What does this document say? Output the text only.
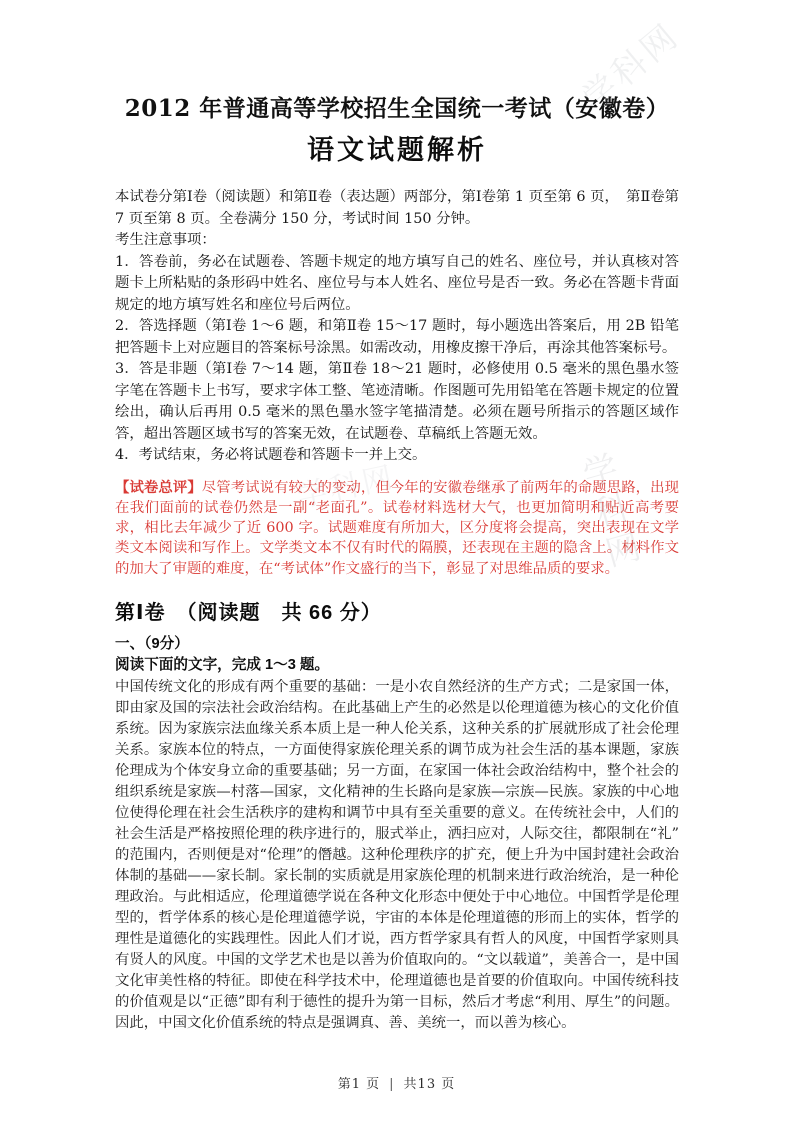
学科网
学科网
学科网
2012 年普通高等学校招生全国统一考试（安徽卷）
语文试题解析

本试卷分第Ⅰ卷（阅读题）和第Ⅱ卷（表达题）两部分，第Ⅰ卷第 1 页至第 6 页，　第Ⅱ卷第 7 页至第 8 页。全卷满分 150 分，考试时间 150 分钟。

考生注意事项：

1．答卷前，务必在试题卷、答题卡规定的地方填写自己的姓名、座位号，并认真核对答题卡上所粘贴的条形码中姓名、座位号与本人姓名、座位号是否一致。务必在答题卡背面规定的地方填写姓名和座位号后两位。

2．答选择题（第Ⅰ卷 1～6 题，和第Ⅱ卷 15～17 题时，每小题选出答案后，用 2B 铅笔把答题卡上对应题目的答案标号涂黑。如需改动，用橡皮擦干净后，再涂其他答案标号。

3．答是非题（第Ⅰ卷 7～14 题，第Ⅱ卷 18～21 题时，必修使用 0.5 毫米的黑色墨水签字笔在答题卡上书写，要求字体工整、笔迹清晰。作图题可先用铅笔在答题卡规定的位置绘出，确认后再用 0.5 毫米的黑色墨水签字笔描清楚。必须在题号所指示的答题区域作答，超出答题区域书写的答案无效，在试题卷、草稿纸上答题无效。

4．考试结束，务必将试题卷和答题卡一并上交。

【试卷总评】尽管考试说有较大的变动，但今年的安徽卷继承了前两年的命题思路，出现在我们面前的试卷仍然是一副“老面孔”。试卷材料选材大气，也更加简明和贴近高考要求，相比去年减少了近 600 字。试题难度有所加大，区分度将会提高，突出表现在文学类文本阅读和写作上。文学类文本不仅有时代的隔膜，还表现在主题的隐含上。材料作文的加大了审题的难度，在“考试体”作文盛行的当下，彰显了对思维品质的要求。

第Ⅰ卷　（阅读题　共 66 分）

一、（9分）

阅读下面的文字，完成 1～3 题。

中国传统文化的形成有两个重要的基础：一是小农自然经济的生产方式；二是家国一体，即由家及国的宗法社会政治结构。在此基础上产生的必然是以伦理道德为核心的文化价值系统。因为家族宗法血缘关系本质上是一种人伦关系，这种关系的扩展就形成了社会伦理关系。家族本位的特点，一方面使得家族伦理关系的调节成为社会生活的基本课题，家族伦理成为个体安身立命的重要基础；另一方面，在家国一体社会政治结构中，整个社会的组织系统是家族—村落—国家，文化精神的生长路向是家族—宗族—民族。家族的中心地位使得伦理在社会生活秩序的建构和调节中具有至关重要的意义。在传统社会中，人们的社会生活是严格按照伦理的秩序进行的，服式举止，洒扫应对，人际交往，都限制在“礼”的范围内，否则便是对“伦理”的僭越。这种伦理秩序的扩充，便上升为中国封建社会政治体制的基础——家长制。家长制的实质就是用家族伦理的机制来进行政治统治，是一种伦理政治。与此相适应，伦理道德学说在各种文化形态中便处于中心地位。中国哲学是伦理型的，哲学体系的核心是伦理道德学说，宇宙的本体是伦理道德的形而上的实体，哲学的理性是道德化的实践理性。因此人们才说，西方哲学家具有哲人的风度，中国哲学家则具有贤人的风度。中国的文学艺术也是以善为价值取向的。“文以载道”，美善合一，是中国文化审美性格的特征。即使在科学技术中，伦理道德也是首要的价值取向。中国传统科技的价值观是以“正德”即有利于德性的提升为第一目标，然后才考虑“利用、厚生”的问题。因此，中国文化价值系统的特点是强调真、善、美统一，而以善为核心。

第1 页 | 共13 页
